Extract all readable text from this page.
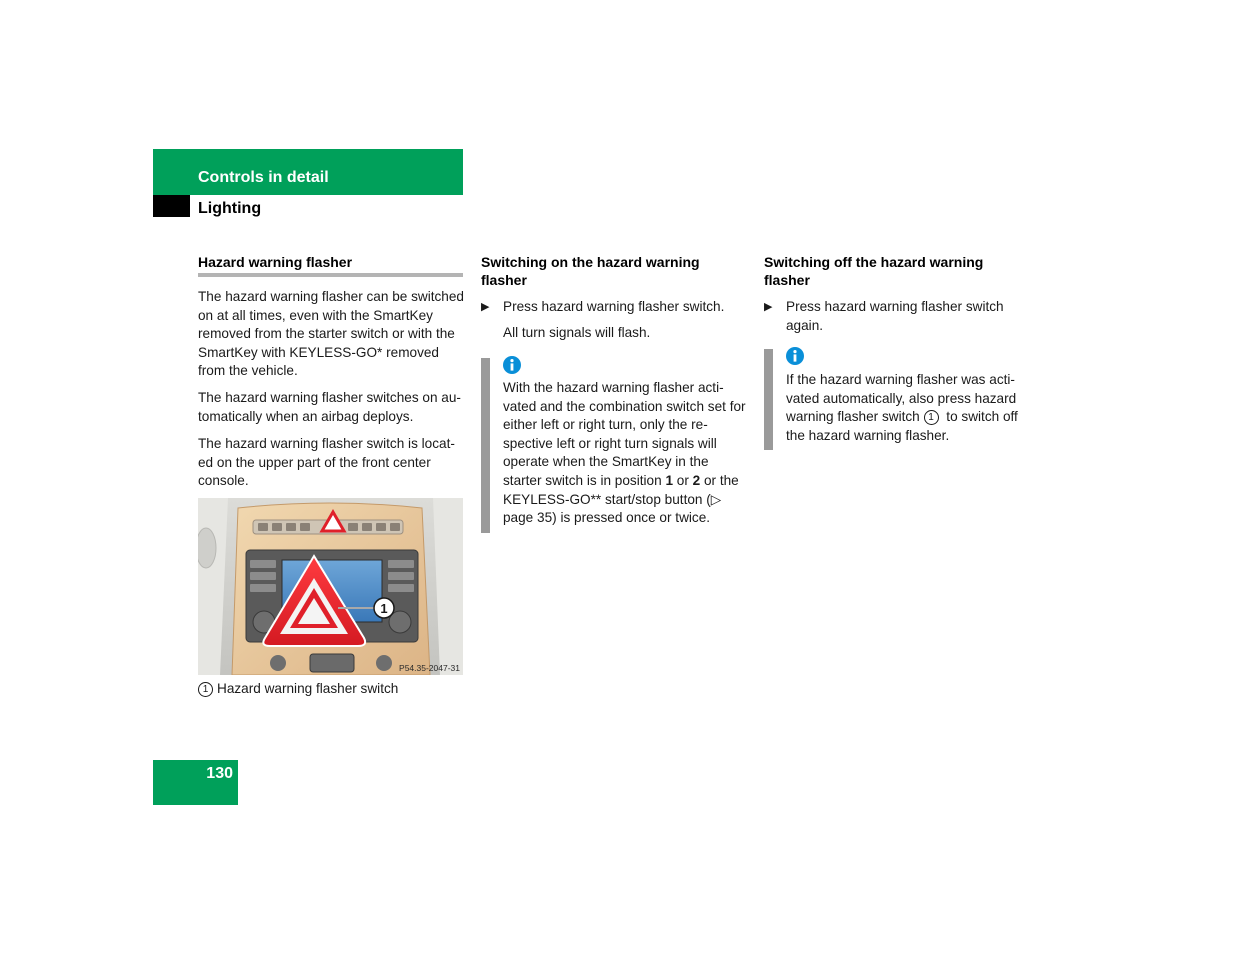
Controls in detail
Lighting
Hazard warning flasher
The hazard warning flasher can be switched on at all times, even with the SmartKey removed from the starter switch or with the SmartKey with KEYLESS-GO* removed from the vehicle.
The hazard warning flasher switches on au-tomatically when an airbag deploys.
The hazard warning flasher switch is locat-ed on the upper part of the front center console.
1
P54.35-2047-31
1 Hazard warning flasher switch
Switching on the hazard warning flasher
▶ Press hazard warning flasher switch.
All turn signals will flash.
With the hazard warning flasher acti-vated and the combination switch set for either left or right turn, only the re-spective left or right turn signals will operate when the SmartKey in the starter switch is in position 1 or 2 or the KEYLESS-GO** start/stop button (▷ page 35) is pressed once or twice.
Switching off the hazard warning flasher
▶ Press hazard warning flasher switch again.
If the hazard warning flasher was acti-vated automatically, also press hazard warning flasher switch 1 to switch off the hazard warning flasher.
130
